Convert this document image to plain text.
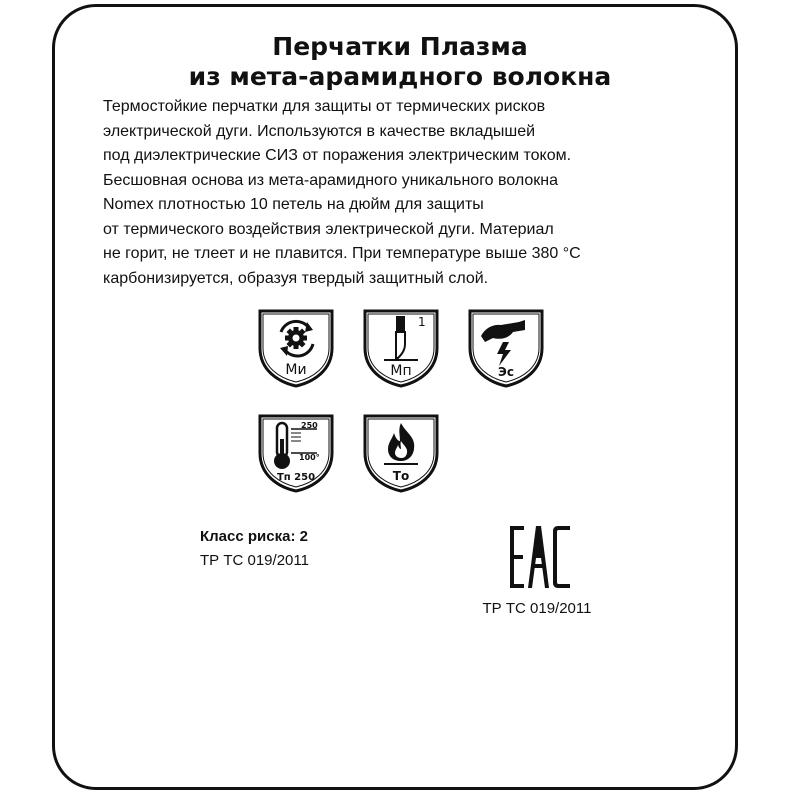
Перчатки Плазма
из мета-арамидного волокна

Термостойкие перчатки для защиты от термических рисков
электрической дуги. Используются в качестве вкладышей
под диэлектрические СИЗ от поражения электрическим током.
Бесшовная основа из мета-арамидного уникального волокна
Nomex плотностью 10 петель на дюйм для защиты
от термического воздействия электрической дуги. Материал
не горит, не тлеет и не плавится. При температуре выше 380 °С
карбонизируется, образуя твердый защитный слой.

Ми
1
Мп	Эс
250
100°
Тп 250	То
Класс риска: 2
ТР ТС 019/2011
ТР ТС 019/2011
